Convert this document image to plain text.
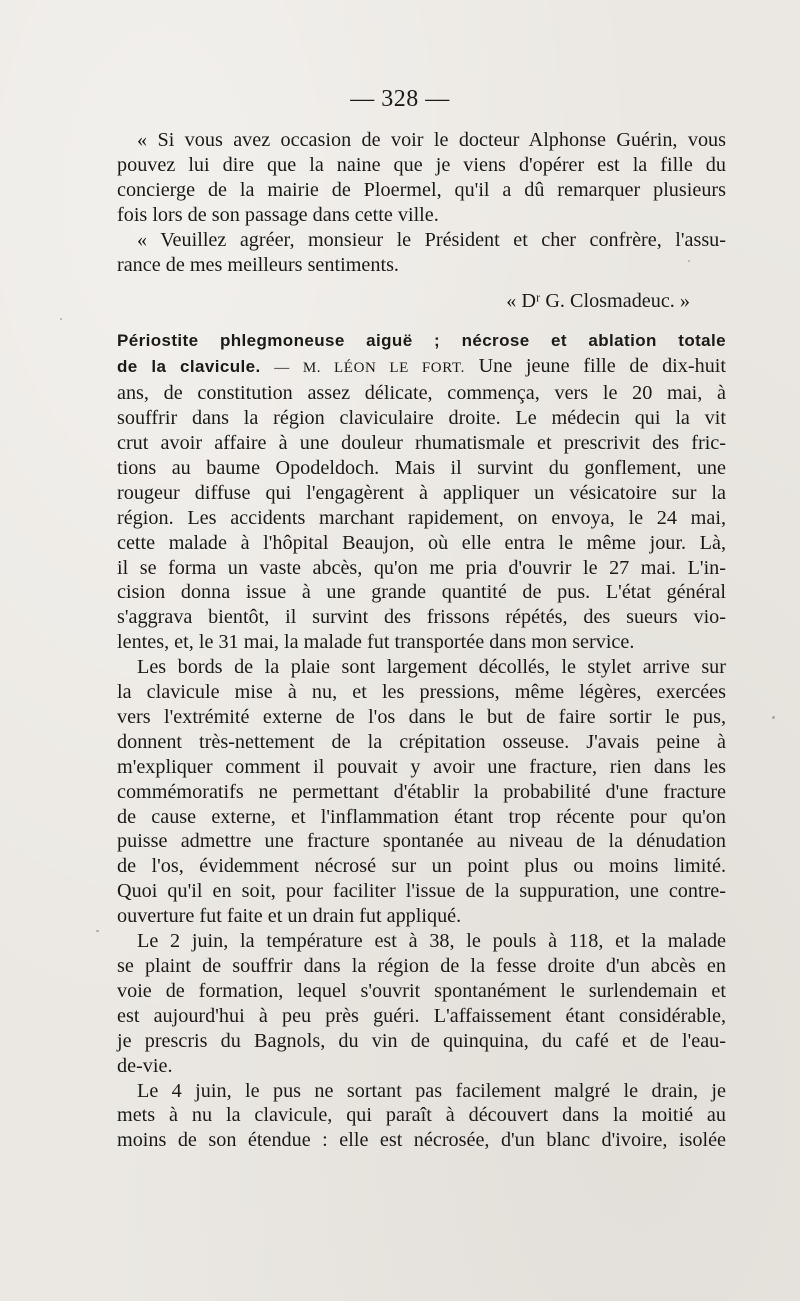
— 328 —

« Si vous avez occasion de voir le docteur Alphonse Guérin, vous

pouvez lui dire que la naine que je viens d'opérer est la fille du

concierge de la mairie de Ploermel, qu'il a dû remarquer plusieurs

fois lors de son passage dans cette ville.

« Veuillez agréer, monsieur le Président et cher confrère, l'assu-

rance de mes meilleurs sentiments.

« Dʳ G. Closmadeuc. »

Périostite phlegmoneuse aiguë ; nécrose et ablation totale

de la clavicule. — M. LÉON LE FORT. Une jeune fille de dix-huit

ans, de constitution assez délicate, commença, vers le 20 mai, à

souffrir dans la région claviculaire droite. Le médecin qui la vit

crut avoir affaire à une douleur rhumatismale et prescrivit des fric-

tions au baume Opodeldoch. Mais il survint du gonflement, une

rougeur diffuse qui l'engagèrent à appliquer un vésicatoire sur la

région. Les accidents marchant rapidement, on envoya, le 24 mai,

cette malade à l'hôpital Beaujon, où elle entra le même jour. Là,

il se forma un vaste abcès, qu'on me pria d'ouvrir le 27 mai. L'in-

cision donna issue à une grande quantité de pus. L'état général

s'aggrava bientôt, il survint des frissons répétés, des sueurs vio-

lentes, et, le 31 mai, la malade fut transportée dans mon service.

Les bords de la plaie sont largement décollés, le stylet arrive sur

la clavicule mise à nu, et les pressions, même légères, exercées

vers l'extrémité externe de l'os dans le but de faire sortir le pus,

donnent très-nettement de la crépitation osseuse. J'avais peine à

m'expliquer comment il pouvait y avoir une fracture, rien dans les

commémoratifs ne permettant d'établir la probabilité d'une fracture

de cause externe, et l'inflammation étant trop récente pour qu'on

puisse admettre une fracture spontanée au niveau de la dénudation

de l'os, évidemment nécrosé sur un point plus ou moins limité.

Quoi qu'il en soit, pour faciliter l'issue de la suppuration, une contre-

ouverture fut faite et un drain fut appliqué.

Le 2 juin, la température est à 38, le pouls à 118, et la malade

se plaint de souffrir dans la région de la fesse droite d'un abcès en

voie de formation, lequel s'ouvrit spontanément le surlendemain et

est aujourd'hui à peu près guéri. L'affaissement étant considérable,

je prescris du Bagnols, du vin de quinquina, du café et de l'eau-

de-vie.

Le 4 juin, le pus ne sortant pas facilement malgré le drain, je

mets à nu la clavicule, qui paraît à découvert dans la moitié au

moins de son étendue : elle est nécrosée, d'un blanc d'ivoire, isolée
